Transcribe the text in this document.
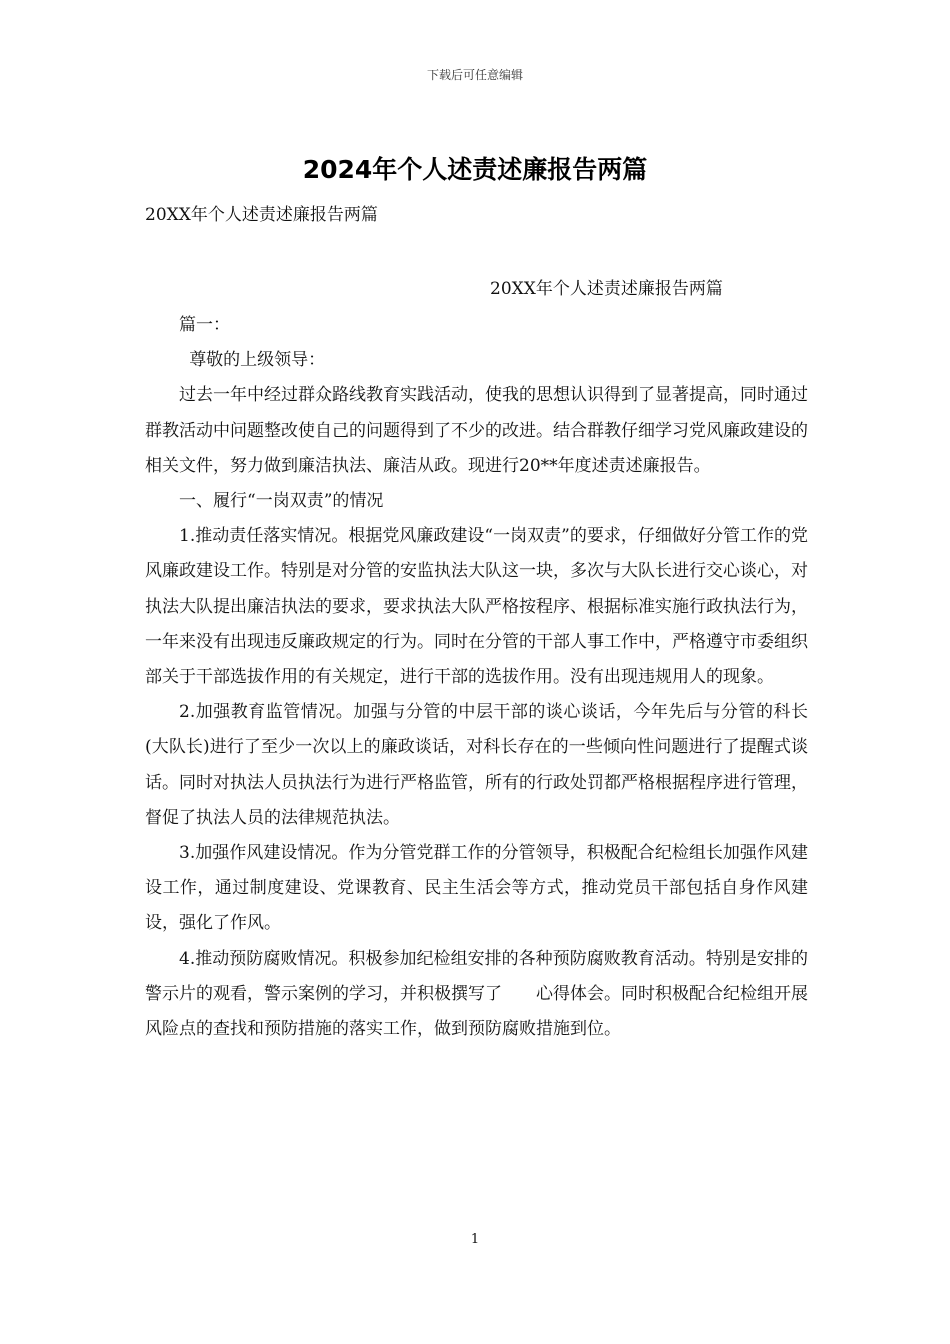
下载后可任意编辑
2024年个人述责述廉报告两篇
20XX年个人述责述廉报告两篇
20XX年个人述责述廉报告两篇

篇一：

尊敬的上级领导：

过去一年中经过群众路线教育实践活动，使我的思想认识得到了显著提高，同时通过群教活动中问题整改使自己的问题得到了不少的改进。结合群教仔细学习党风廉政建设的相关文件，努力做到廉洁执法、廉洁从政。现进行20**年度述责述廉报告。

一、履行“一岗双责”的情况

1.推动责任落实情况。根据党风廉政建设“一岗双责”的要求，仔细做好分管工作的党风廉政建设工作。特别是对分管的安监执法大队这一块，多次与大队长进行交心谈心，对执法大队提出廉洁执法的要求，要求执法大队严格按程序、根据标准实施行政执法行为，一年来没有出现违反廉政规定的行为。同时在分管的干部人事工作中，严格遵守市委组织部关于干部选拔作用的有关规定，进行干部的选拔作用。没有出现违规用人的现象。

2.加强教育监管情况。加强与分管的中层干部的谈心谈话，今年先后与分管的科长(大队长)进行了至少一次以上的廉政谈话，对科长存在的一些倾向性问题进行了提醒式谈话。同时对执法人员执法行为进行严格监管，所有的行政处罚都严格根据程序进行管理，督促了执法人员的法律规范执法。

3.加强作风建设情况。作为分管党群工作的分管领导，积极配合纪检组长加强作风建设工作，通过制度建设、党课教育、民主生活会等方式，推动党员干部包括自身作风建设，强化了作风。

4.推动预防腐败情况。积极参加纪检组安排的各种预防腐败教育活动。特别是安排的警示片的观看，警示案例的学习，并积极撰写了　　心得体会。同时积极配合纪检组开展风险点的查找和预防措施的落实工作，做到预防腐败措施到位。

1
